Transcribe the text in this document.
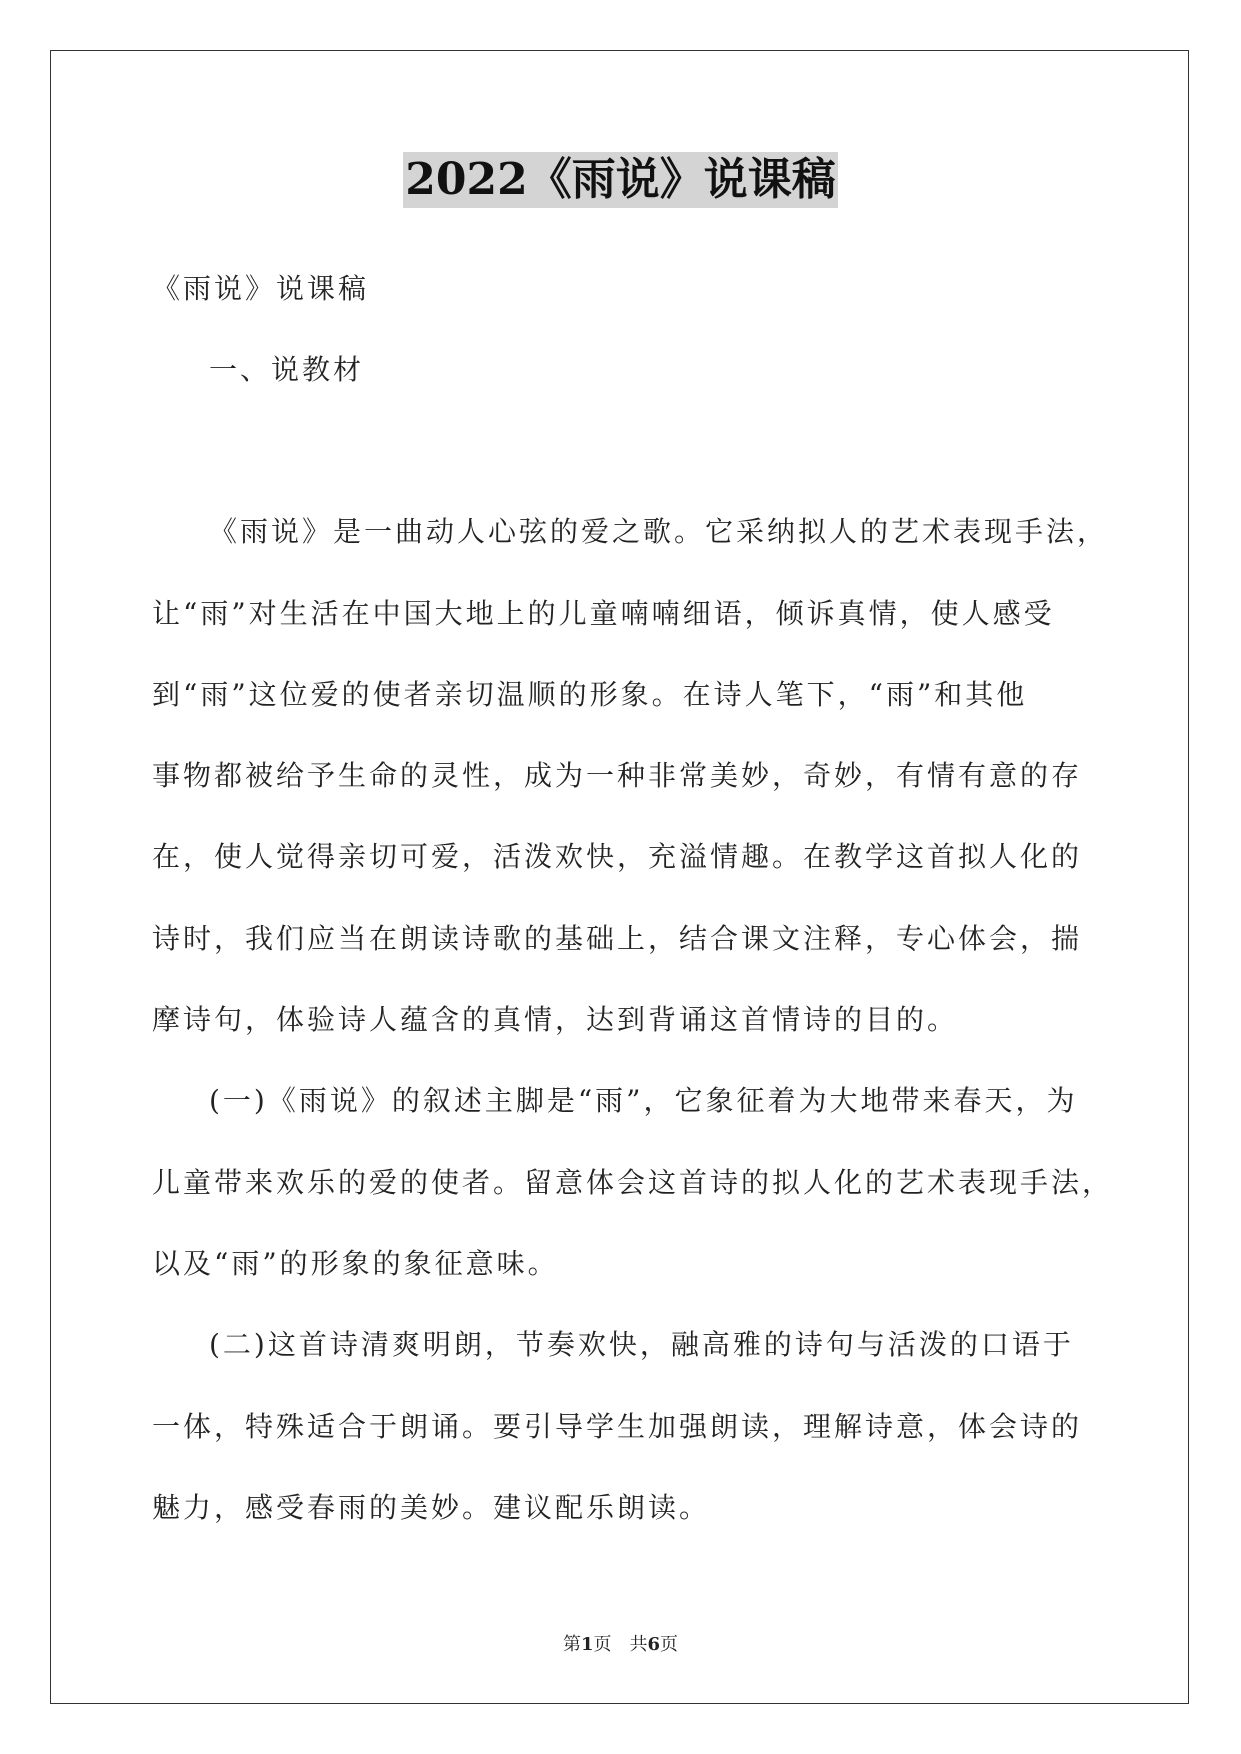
2022《雨说》说课稿
《雨说》说课稿
一、说教材
《雨说》是一曲动人心弦的爱之歌。它采纳拟人的艺术表现手法，
让“雨”对生活在中国大地上的儿童喃喃细语，倾诉真情，使人感受
到“雨”这位爱的使者亲切温顺的形象。在诗人笔下，“雨”和其他
事物都被给予生命的灵性，成为一种非常美妙，奇妙，有情有意的存
在，使人觉得亲切可爱，活泼欢快，充溢情趣。在教学这首拟人化的
诗时，我们应当在朗读诗歌的基础上，结合课文注释，专心体会，揣
摩诗句，体验诗人蕴含的真情，达到背诵这首情诗的目的。
(一)《雨说》的叙述主脚是“雨”，它象征着为大地带来春天，为
儿童带来欢乐的爱的使者。留意体会这首诗的拟人化的艺术表现手法，
以及“雨”的形象的象征意味。
(二)这首诗清爽明朗，节奏欢快，融高雅的诗句与活泼的口语于
一体，特殊适合于朗诵。要引导学生加强朗读，理解诗意，体会诗的
魅力，感受春雨的美妙。建议配乐朗读。
第1页　共6页
